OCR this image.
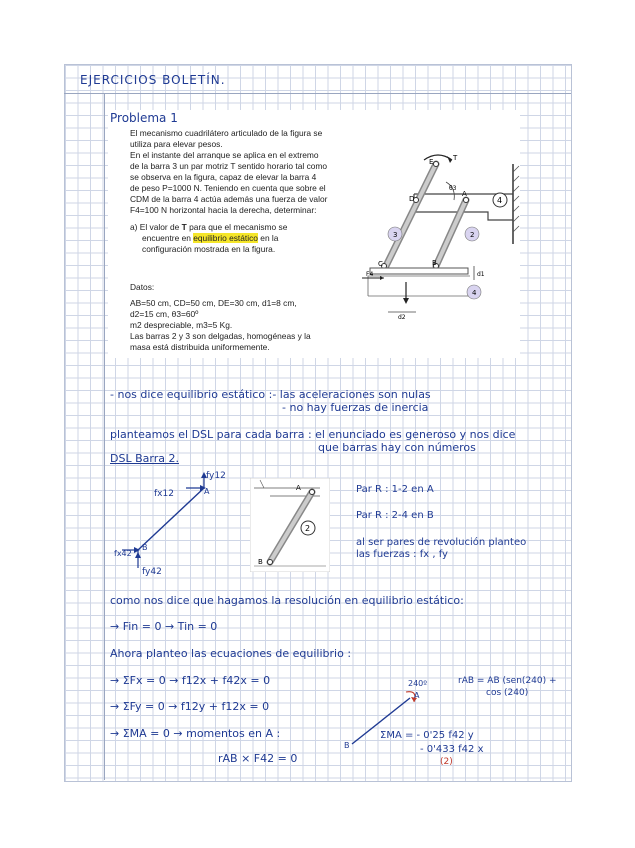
EJERCICIOS BOLETÍN.
Problema 1
El mecanismo cuadrilátero articulado de la figura se
utiliza para elevar pesos.
En el instante del arranque se aplica en el extremo
de la barra 3 un par motriz T sentido horario tal como
se observa en la figura, capaz de elevar la barra 4
de peso P=1000 N. Teniendo en cuenta que sobre el
CDM de la barra 4 actúa además una fuerza de valor
F4=100 N horizontal hacia la derecha, determinar:
a) El valor de T para que el mecanismo se
encuentre en equilibrio estático en la
configuración mostrada en la figura.
Datos:
AB=50 cm, CD=50 cm, DE=30 cm, d1=8 cm,
d2=15 cm, θ3=60º
m2 despreciable, m3=5 Kg.
Las barras 2 y 3 son delgadas, homogéneas y la
masa está distribuida uniformemente.
E	T
θ3
D
A
4
3	2
C	B
F4	d1
d2
4
- nos dice equilibrio estático :- las aceleraciones son nulas
- no hay fuerzas de inercia
planteamos el DSL para cada barra : el enunciado es generoso y nos dice
que barras hay con números
DSL Barra 2.
fy12
fx12	A
B
fx42
fy42
2
A
B
Par R : 1-2 en A
Par R : 2-4 en B
al ser pares de revolución planteo
las fuerzas : fx , fy
como nos dice que hagamos la resolución en equilibrio estático:
→ Fin = 0 → Tin = 0
Ahora planteo las ecuaciones de equilibrio :
→ ΣFx = 0 → f12x + f42x = 0
→ ΣFy = 0 → f12y + f12x = 0
→ ΣMA = 0 → momentos en A :
rAB × F42 = 0
A
B
240º	rAB = AB (sen(240) +
cos (240)
ΣMA = - 0'25 f42 y
- 0'433 f42 x
(2)
